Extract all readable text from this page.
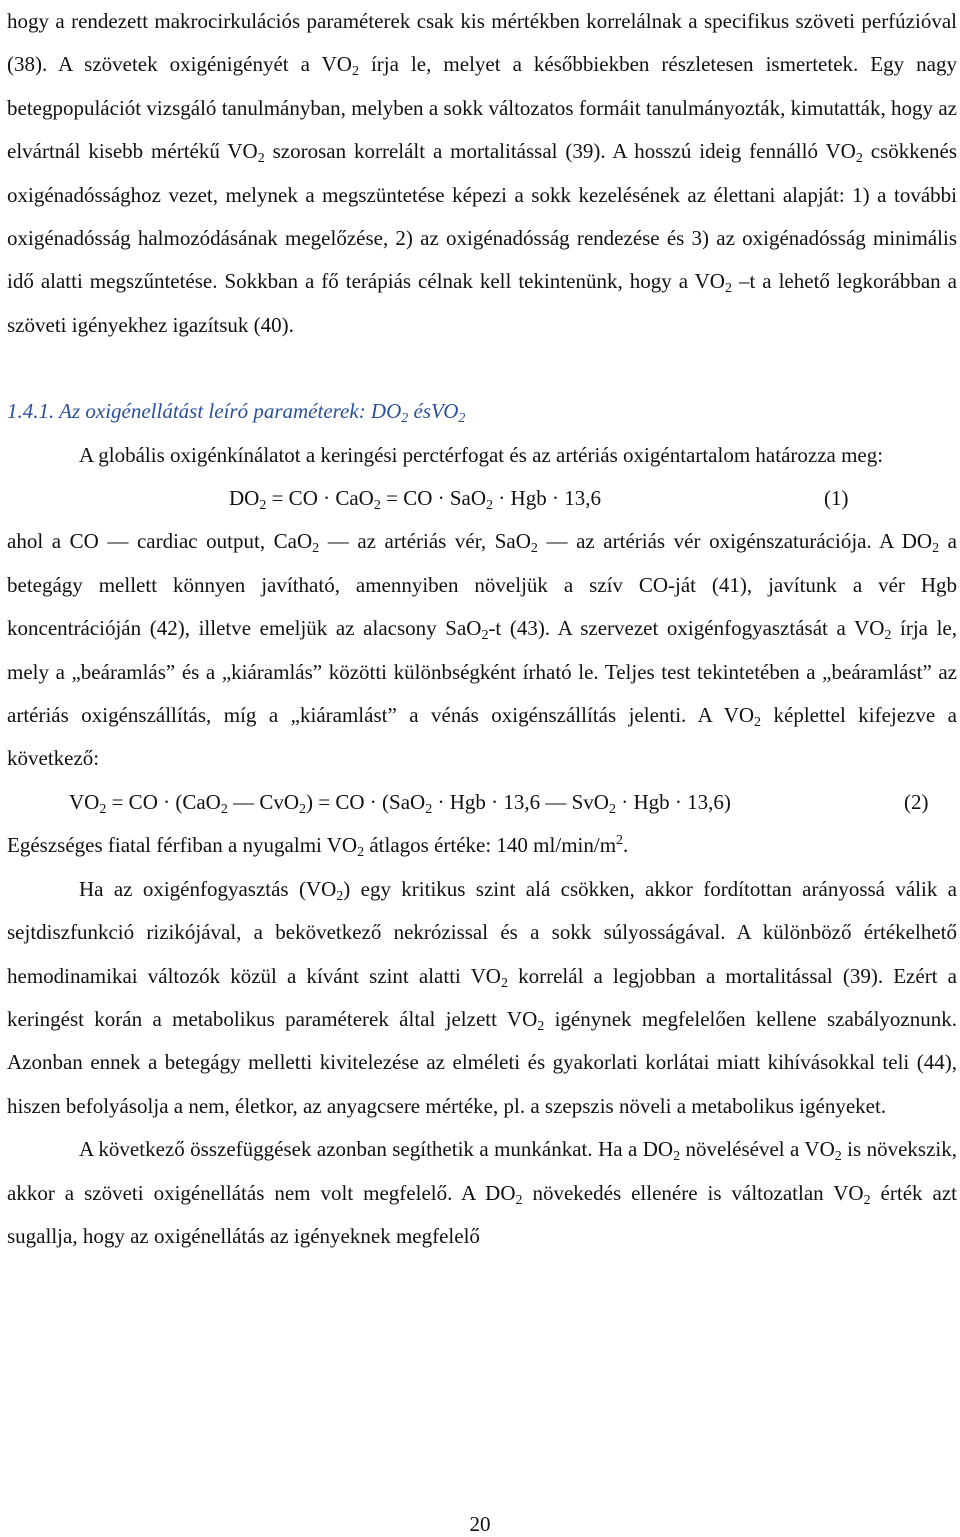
hogy a rendezett makrocirkulációs paraméterek csak kis mértékben korrelálnak a specifikus szöveti perfúzióval (38). A szövetek oxigénigényét a $VO_2$ írja le, melyet a későbbiekben részletesen ismertetek. Egy nagy betegpopulációt vizsgáló tanulmányban, melyben a sokk változatos formáit tanulmányozták, kimutatták, hogy az elvártnál kisebb mértékű $VO_2$ szorosan korrelált a mortalitással (39). A hosszú ideig fennálló $VO_2$ csökkenés oxigénadóssághoz vezet, melynek a megszüntetése képezi a sokk kezelésének az élettani alapját: 1) a további oxigénadósság halmozódásának megelőzése, 2) az oxigénadósság rendezése és 3) az oxigénadósság minimális idő alatti megszűntetése. Sokkban a fő terápiás célnak kell tekintenünk, hogy a $VO_2$ –t a lehető legkorábban a szöveti igényekhez igazítsuk (40).

1.4.1. Az oxigénellátást leíró paraméterek: $DO_2$ ésVO$_2$

A globális oxigénkínálatot a keringési perctérfogat és az artériás oxigéntartalom határozza meg:

$DO_2$ = CO · CaO$_2$ = CO · SaO$_2$ · Hgb · 13,6	(1)

ahol a CO — cardiac output, CaO$_2$ — az artériás vér, SaO$_2$ — az artériás vér oxigénszaturációja. A $DO_2$ a betegágy mellett könnyen javítható, amennyiben növeljük a szív CO-ját (41), javítunk a vér Hgb koncentrációján (42), illetve emeljük az alacsony SaO$_2$-t (43). A szervezet oxigénfogyasztását a $VO_2$ írja le, mely a „beáramlás” és a „kiáramlás” közötti különbségként írható le. Teljes test tekintetében a „beáramlást” az artériás oxigénszállítás, míg a „kiáramlást” a vénás oxigénszállítás jelenti. A $VO_2$ képlettel kifejezve a következő:

$VO_2$ = CO · (CaO$_2$ — CvO$_2$) = CO · (SaO$_2$ · Hgb · 13,6 — SvO$_2$ · Hgb · 13,6)	(2)

Egészséges fiatal férfiban a nyugalmi $VO_2$ átlagos értéke: 140 $ml/\min/m^2$.

Ha az oxigénfogyasztás $(VO_2)$ egy kritikus szint alá csökken, akkor fordítottan arányossá válik a sejtdiszfunkció rizikójával, a bekövetkező nekrózissal és a sokk súlyosságával. A különböző értékelhető hemodinamikai változók közül a kívánt szint alatti $VO_2$ korrelál a legjobban a mortalitással (39). Ezért a keringést korán a metabolikus paraméterek által jelzett $VO_2$ igénynek megfelelően kellene szabályoznunk. Azonban ennek a betegágy melletti kivitelezése az elméleti és gyakorlati korlátai miatt kihívásokkal teli (44), hiszen befolyásolja a nem, életkor, az anyagcsere mértéke, pl. a szepszis növeli a metabolikus igényeket.

A következő összefüggések azonban segíthetik a munkánkat. Ha a $DO_2$ növelésével a $VO_2$ is növekszik, akkor a szöveti oxigénellátás nem volt megfelelő. A $DO_2$ növekedés ellenére is változatlan $VO_2$ érték azt sugallja, hogy az oxigénellátás az igényeknek megfelelő

20
